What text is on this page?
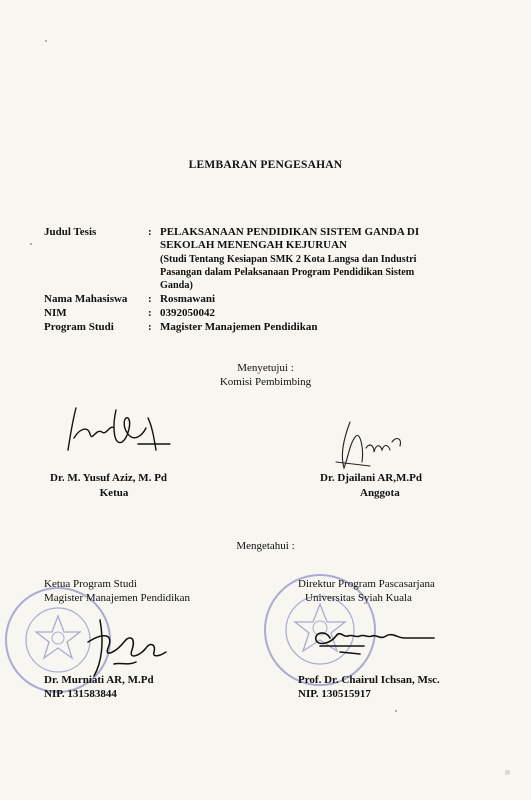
LEMBARAN PENGESAHAN
Judul Tesis	: PELAKSANAAN PENDIDIKAN SISTEM GANDA DI
SEKOLAH MENENGAH KEJURUAN
(Studi Tentang Kesiapan SMK 2 Kota Langsa dan Industri
Pasangan dalam Pelaksanaan Program Pendidikan Sistem
Ganda)
Nama Mahasiswa : Rosmawani
NIM	: 0392050042
Program Studi	: Magister Manajemen Pendidikan
Menyetujui :
Komisi Pembimbing
Dr. M. Yusuf Aziz, M. Pd
Ketua
Dr. Djailani AR,M.Pd
Anggota
Mengetahui :
Ketua Program Studi
Magister Manajemen Pendidikan
Dr. Murniati AR, M.Pd
NIP. 131583844
Direktur Program Pascasarjana
Universitas Syiah Kuala
Prof. Dr. Chairul Ichsan, Msc.
NIP. 130515917
